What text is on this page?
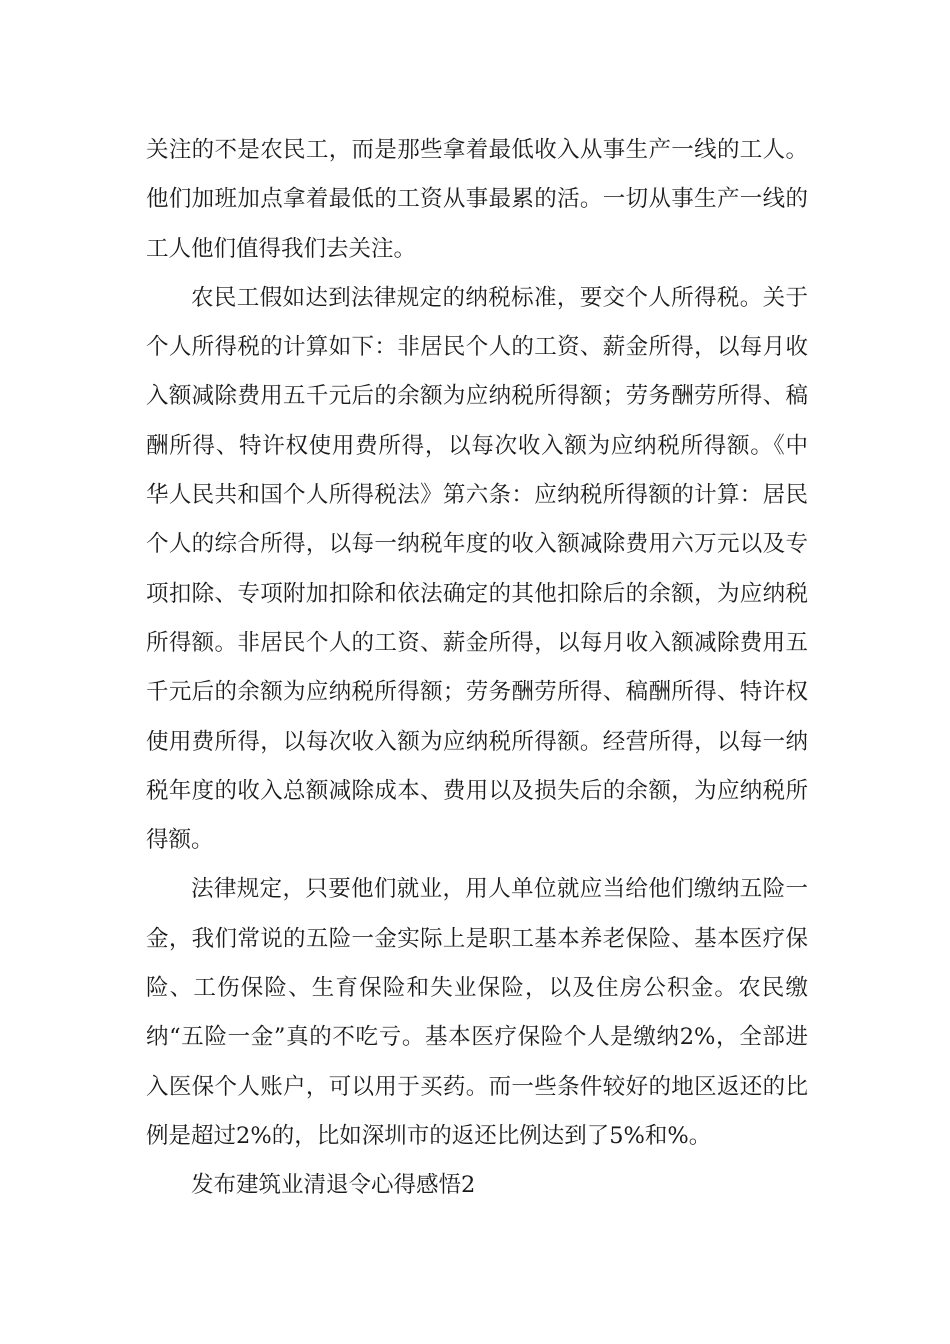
关注的不是农民工，而是那些拿着最低收入从事生产一线的工人。他们加班加点拿着最低的工资从事最累的活。一切从事生产一线的工人他们值得我们去关注。

农民工假如达到法律规定的纳税标准，要交个人所得税。关于个人所得税的计算如下：非居民个人的工资、薪金所得，以每月收入额减除费用五千元后的余额为应纳税所得额；劳务酬劳所得、稿酬所得、特许权使用费所得，以每次收入额为应纳税所得额。《中华人民共和国个人所得税法》第六条：应纳税所得额的计算：居民个人的综合所得，以每一纳税年度的收入额减除费用六万元以及专项扣除、专项附加扣除和依法确定的其他扣除后的余额，为应纳税所得额。非居民个人的工资、薪金所得，以每月收入额减除费用五千元后的余额为应纳税所得额；劳务酬劳所得、稿酬所得、特许权使用费所得，以每次收入额为应纳税所得额。经营所得，以每一纳税年度的收入总额减除成本、费用以及损失后的余额，为应纳税所得额。

法律规定，只要他们就业，用人单位就应当给他们缴纳五险一金，我们常说的五险一金实际上是职工基本养老保险、基本医疗保险、工伤保险、生育保险和失业保险，以及住房公积金。农民缴纳“五险一金”真的不吃亏。基本医疗保险个人是缴纳2%，全部进入医保个人账户，可以用于买药。而一些条件较好的地区返还的比例是超过2%的，比如深圳市的返还比例达到了5%和%。

发布建筑业清退令心得感悟2
